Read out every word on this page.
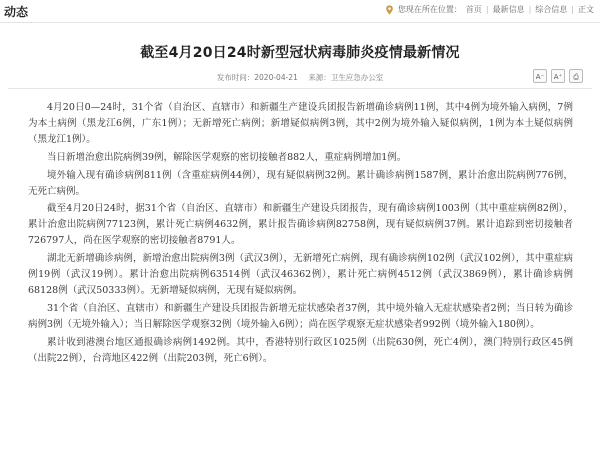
动态	您现在所在位置： 首页 | 最新信息 | 综合信息 | 正文
截至4月20日24时新型冠状病毒肺炎疫情最新情况
发布时间：2020-04-21 来源：卫生应急办公室	A⁻	A⁺	⎙

4月20日0—24时，31个省（自治区、直辖市）和新疆生产建设兵团报告新增确诊病例11例，其中4例为境外输入病例，7例为本土病例（黑龙江6例，广东1例）；无新增死亡病例；新增疑似病例3例，其中2例为境外输入疑似病例，1例为本土疑似病例（黑龙江1例）。

当日新增治愈出院病例39例，解除医学观察的密切接触者882人，重症病例增加1例。

境外输入现有确诊病例811例（含重症病例44例），现有疑似病例32例。累计确诊病例1587例，累计治愈出院病例776例，无死亡病例。

截至4月20日24时，据31个省（自治区、直辖市）和新疆生产建设兵团报告，现有确诊病例1003例（其中重症病例82例），累计治愈出院病例77123例，累计死亡病例4632例，累计报告确诊病例82758例，现有疑似病例37例。累计追踪到密切接触者726797人，尚在医学观察的密切接触者8791人。

湖北无新增确诊病例，新增治愈出院病例3例（武汉3例），无新增死亡病例，现有确诊病例102例（武汉102例），其中重症病例19例（武汉19例）。累计治愈出院病例63514例（武汉46362例），累计死亡病例4512例（武汉3869例），累计确诊病例68128例（武汉50333例）。无新增疑似病例，无现有疑似病例。

31个省（自治区、直辖市）和新疆生产建设兵团报告新增无症状感染者37例，其中境外输入无症状感染者2例；当日转为确诊病例3例（无境外输入）；当日解除医学观察32例（境外输入6例）；尚在医学观察无症状感染者992例（境外输入180例）。

累计收到港澳台地区通报确诊病例1492例。其中，香港特别行政区1025例（出院630例，死亡4例），澳门特别行政区45例（出院22例），台湾地区422例（出院203例，死亡6例）。
